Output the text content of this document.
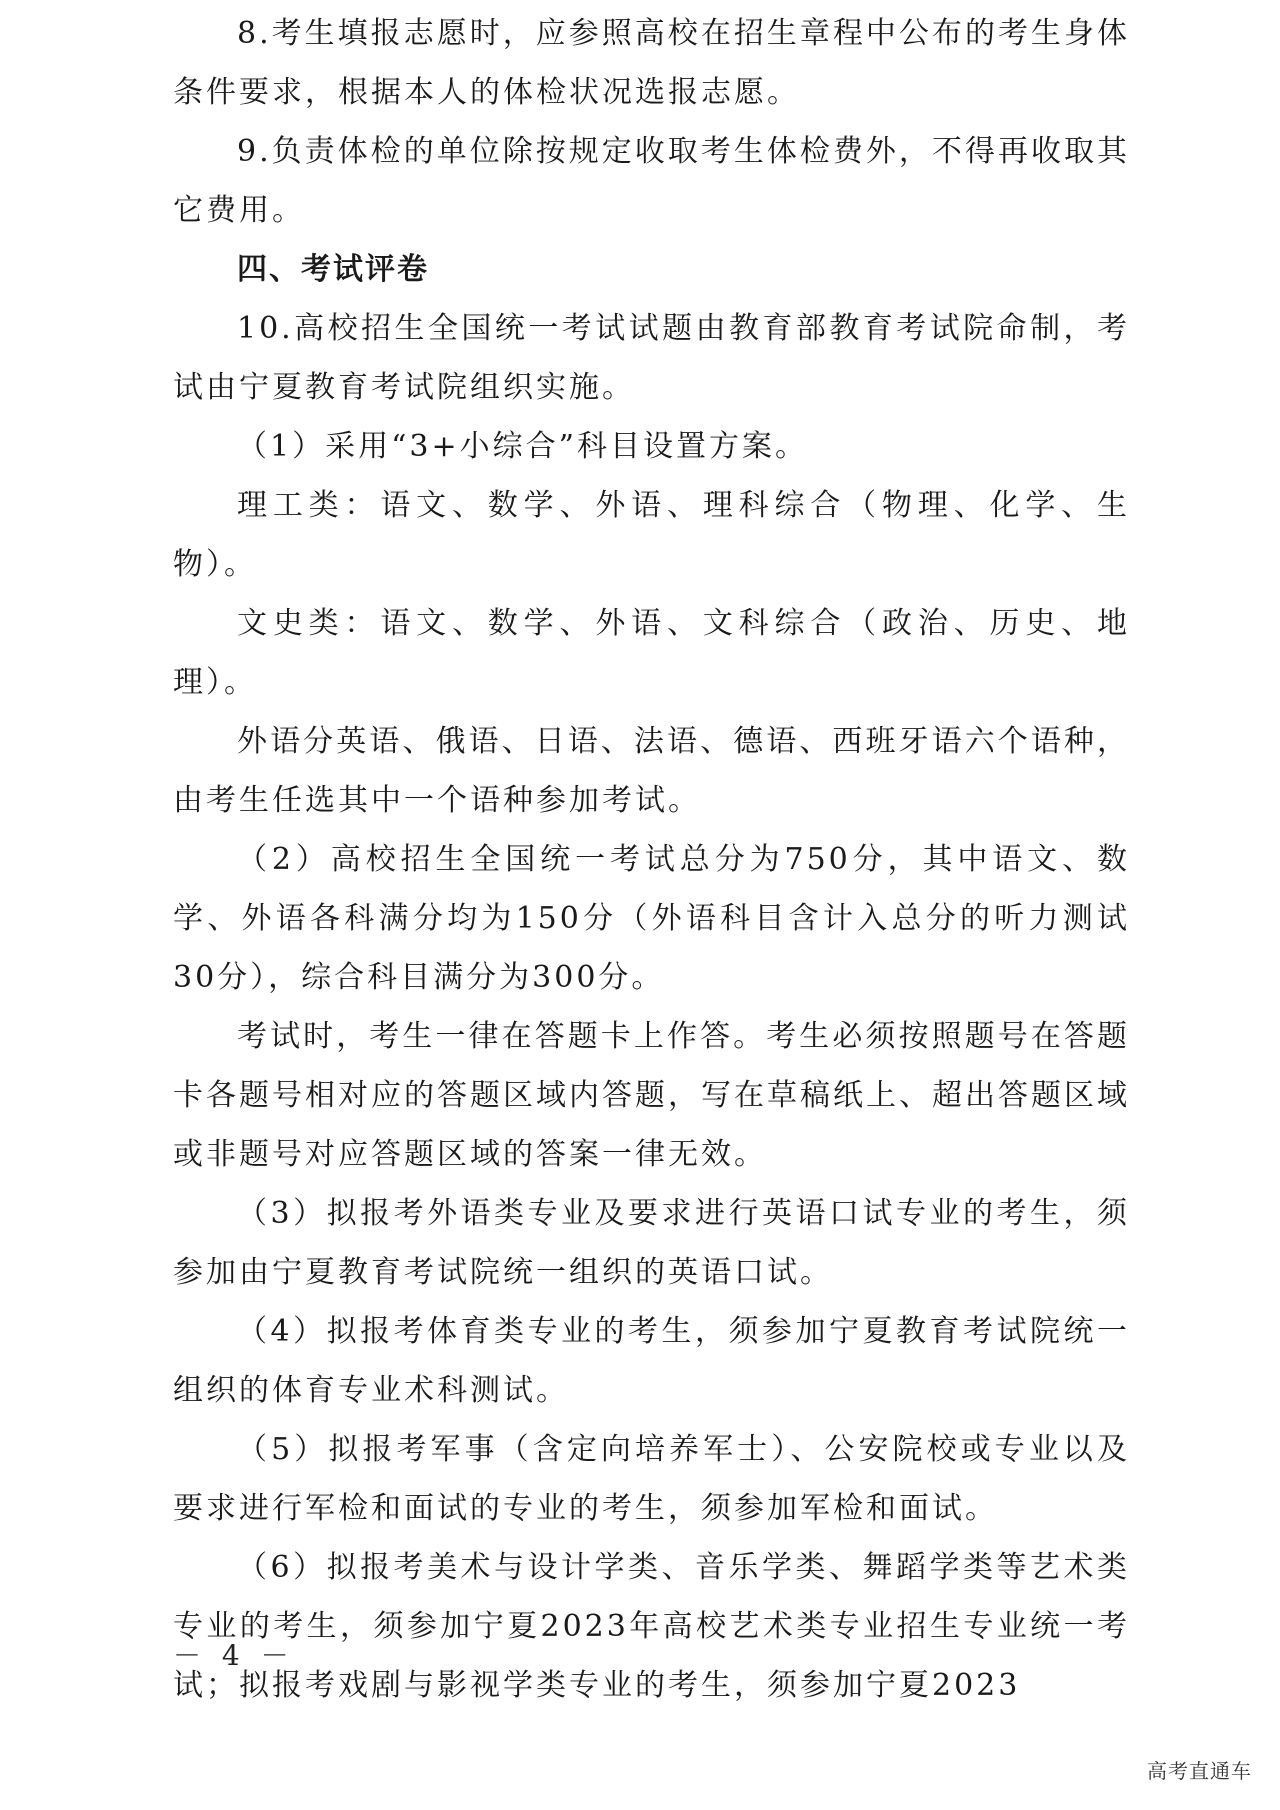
8.考生填报志愿时，应参照高校在招生章程中公布的考生身体条件要求，根据本人的体检状况选报志愿。

9.负责体检的单位除按规定收取考生体检费外，不得再收取其它费用。

四、考试评卷

10.高校招生全国统一考试试题由教育部教育考试院命制，考试由宁夏教育考试院组织实施。

（1）采用“3+小综合”科目设置方案。

理工类：语文、数学、外语、理科综合（物理、化学、生物）。

文史类：语文、数学、外语、文科综合（政治、历史、地理）。

外语分英语、俄语、日语、法语、德语、西班牙语六个语种，由考生任选其中一个语种参加考试。

（2）高校招生全国统一考试总分为750分，其中语文、数学、外语各科满分均为150分（外语科目含计入总分的听力测试30分），综合科目满分为300分。

考试时，考生一律在答题卡上作答。考生必须按照题号在答题卡各题号相对应的答题区域内答题，写在草稿纸上、超出答题区域或非题号对应答题区域的答案一律无效。

（3）拟报考外语类专业及要求进行英语口试专业的考生，须参加由宁夏教育考试院统一组织的英语口试。

（4）拟报考体育类专业的考生，须参加宁夏教育考试院统一组织的体育专业术科测试。

（5）拟报考军事（含定向培养军士）、公安院校或专业以及要求进行军检和面试的专业的考生，须参加军检和面试。

（6）拟报考美术与设计学类、音乐学类、舞蹈学类等艺术类专业的考生，须参加宁夏2023年高校艺术类专业招生专业统一考试；拟报考戏剧与影视学类专业的考生，须参加宁夏2023

－ 4 －
高考直通车
